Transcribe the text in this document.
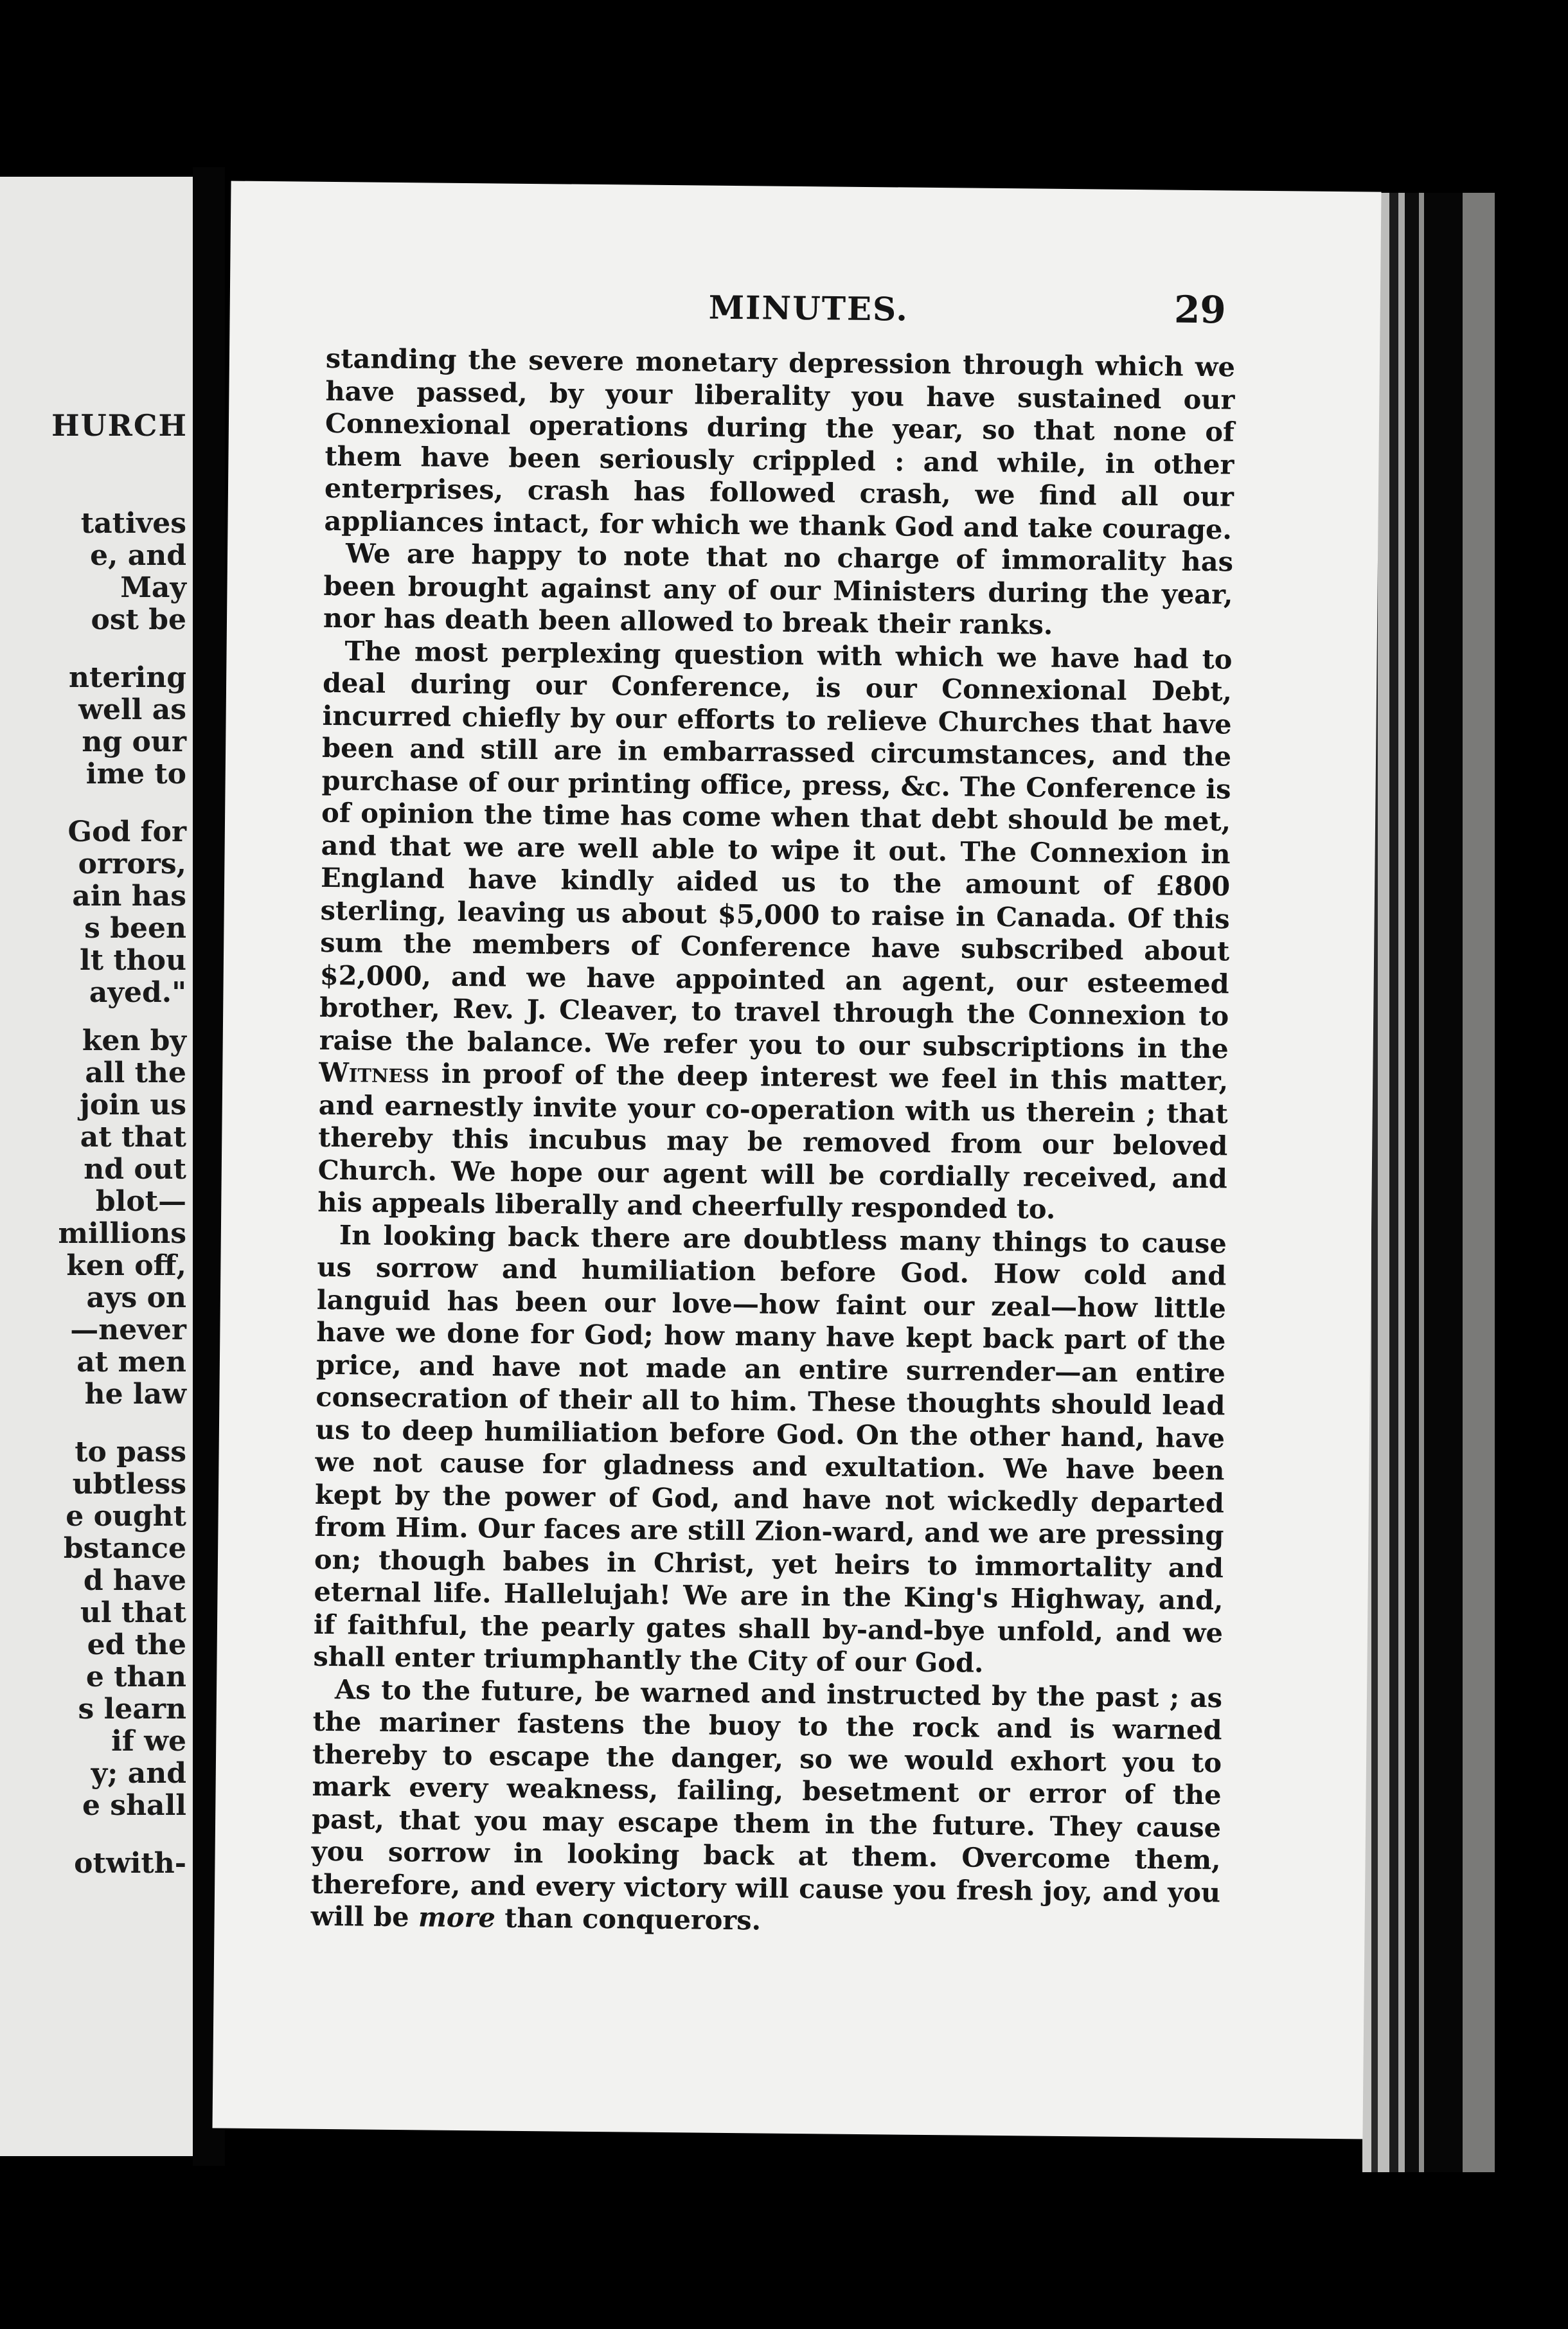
HURCH
tatives
e, and
May
ost be
ntering
well as
ng our
ime to
God for
orrors,
ain has
s been
lt thou
ayed."
ken by
all the
join us
at that
nd out
blot—
millions
ken off,
ays on
—never
at men
he law
to pass
ubtless
e ought
bstance
d have
ul that
ed the
e than
s learn
if we
y; and
e shall
otwith-
MINUTES.	29

standing the severe monetary depression through which we have passed, by your liberality you have sustained our Connexional operations during the year, so that none of them have been seriously crippled : and while, in other enterprises, crash has followed crash, we find all our appliances intact, for which we thank God and take courage.

We are happy to note that no charge of immorality has been brought against any of our Ministers during the year, nor has death been allowed to break their ranks.

The most perplexing question with which we have had to deal during our Conference, is our Connexional Debt, incurred chiefly by our efforts to relieve Churches that have been and still are in embarrassed circumstances, and the purchase of our printing office, press, &c. The Conference is of opinion the time has come when that debt should be met, and that we are well able to wipe it out. The Connexion in England have kindly aided us to the amount of £800 sterling, leaving us about $5,000 to raise in Canada. Of this sum the members of Conference have subscribed about $2,000, and we have appointed an agent, our esteemed brother, Rev. J. Cleaver, to travel through the Connexion to raise the balance. We refer you to our subscriptions in the Witness in proof of the deep interest we feel in this matter, and earnestly invite your co-operation with us therein ; that thereby this incubus may be removed from our beloved Church. We hope our agent will be cordially received, and his appeals liberally and cheerfully responded to.

In looking back there are doubtless many things to cause us sorrow and humiliation before God. How cold and languid has been our love—how faint our zeal—how little have we done for God; how many have kept back part of the price, and have not made an entire surrender—an entire consecration of their all to him. These thoughts should lead us to deep humiliation before God. On the other hand, have we not cause for gladness and exultation. We have been kept by the power of God, and have not wickedly departed from Him. Our faces are still Zion-ward, and we are pressing on; though babes in Christ, yet heirs to immortality and eternal life. Hallelujah! We are in the King's Highway, and, if faithful, the pearly gates shall by-and-bye unfold, and we shall enter triumphantly the City of our God.

As to the future, be warned and instructed by the past ; as the mariner fastens the buoy to the rock and is warned thereby to escape the danger, so we would exhort you to mark every weakness, failing, besetment or error of the past, that you may escape them in the future. They cause you sorrow in looking back at them. Overcome them, therefore, and every victory will cause you fresh joy, and you will be more than conquerors.
